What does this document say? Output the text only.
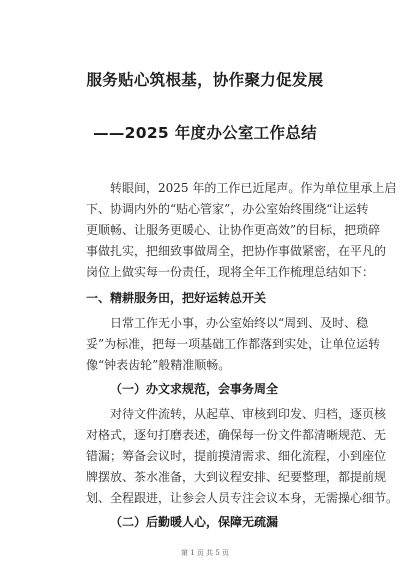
服务贴心筑根基，协作聚力促发展
——2025 年度办公室工作总结
转眼间，2025 年的工作已近尾声。作为单位里承上启
下、协调内外的“贴心管家”，办公室始终围绕“让运转
更顺畅、让服务更暖心、让协作更高效”的目标，把琐碎
事做扎实，把细致事做周全，把协作事做紧密，在平凡的
岗位上做实每一份责任，现将全年工作梳理总结如下：
一、精耕服务田，把好运转总开关
日常工作无小事，办公室始终以“周到、及时、稳
妥”为标准，把每一项基础工作都落到实处，让单位运转
像“钟表齿轮”般精准顺畅。
（一）办文求规范，会事务周全
对待文件流转，从起草、审核到印发、归档，逐页核
对格式，逐句打磨表述，确保每一份文件都清晰规范、无
错漏；筹备会议时，提前摸清需求、细化流程，小到座位
牌摆放、茶水准备，大到议程安排、纪要整理，都提前规
划、全程跟进，让参会人员专注会议本身，无需操心细节。
（二）后勤暖人心，保障无疏漏
第 1 页 共 5 页
